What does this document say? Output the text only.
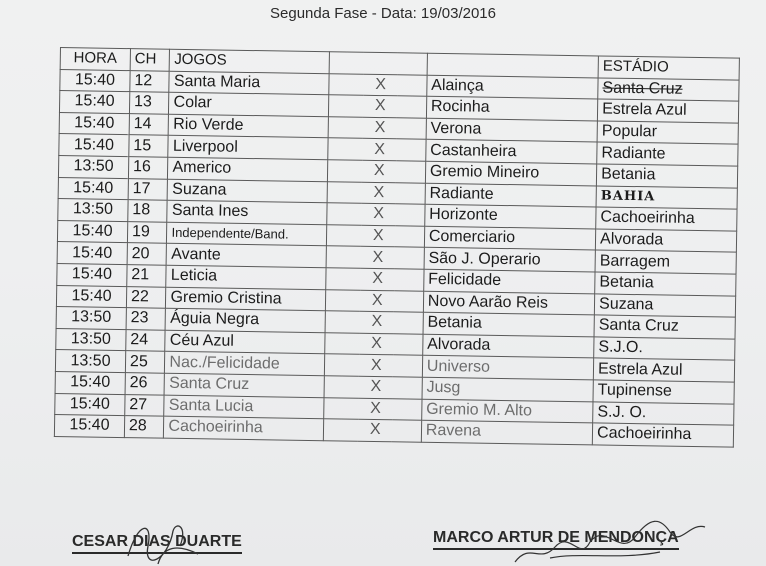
Segunda Fase - Data: 19/03/2016
HORA	CH	JOGOS					ESTÁDIO
15:40	12	Santa Maria		X		Alainça	Santa Cruz
15:40	13	Colar		X		Rocinha	Estrela Azul
15:40	14	Rio Verde		X		Verona	Popular
15:40	15	Liverpool		X		Castanheira	Radiante
13:50	16	Americo		X		Gremio Mineiro	Betania
15:40	17	Suzana		X		Radiante	BAHIA
13:50	18	Santa Ines		X		Horizonte	Cachoeirinha
15:40	19	Independente/Band.		X		Comerciario	Alvorada
15:40	20	Avante		X		São J. Operario	Barragem
15:40	21	Leticia		X		Felicidade	Betania
15:40	22	Gremio Cristina		X		Novo Aarão Reis	Suzana
13:50	23	Águia Negra		X		Betania	Santa Cruz
13:50	24	Céu Azul		X		Alvorada	S.J.O.
13:50	25	Nac./Felicidade		X		Universo	Estrela Azul
15:40	26	Santa Cruz		X		Jusg	Tupinense
15:40	27	Santa Lucia		X		Gremio M. Alto	S.J. O.
15:40	28	Cachoeirinha		X		Ravena	Cachoeirinha
CESAR DIAS DUARTE	MARCO ARTUR DE MENDONÇA
